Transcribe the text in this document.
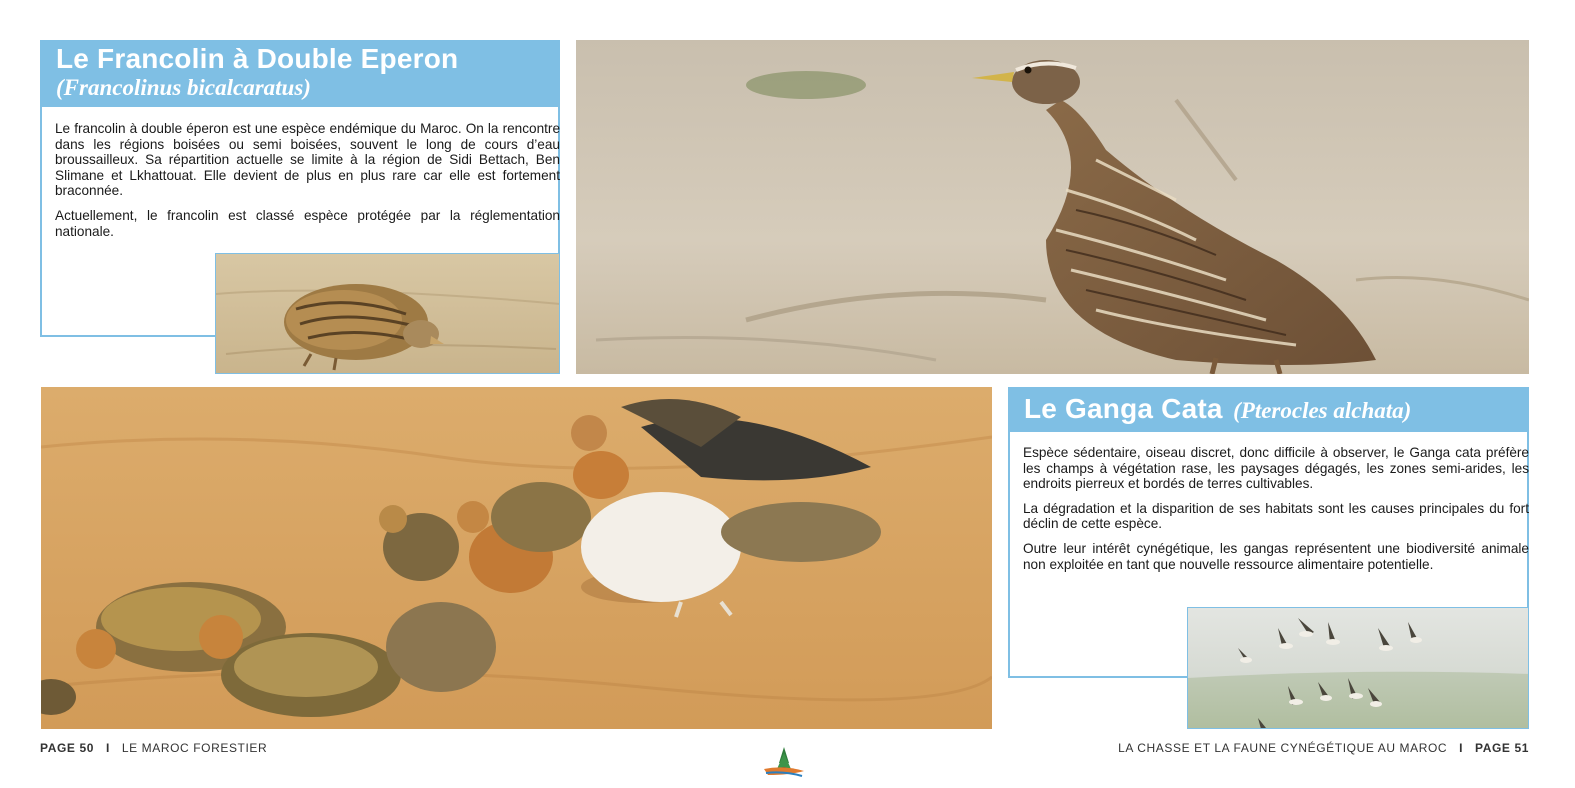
Le Francolin à Double Eperon
(Francolinus bicalcaratus)

Le francolin à double éperon est une espèce endémique du Maroc. On la rencontre dans les régions boisées ou semi boisées, souvent le long de cours d’eau broussailleux. Sa répartition actuelle se limite à la région de Sidi Bettach, Ben Slimane et Lkhattouat. Elle devient de plus en plus rare car elle est fortement braconnée.

Actuellement, le francolin est classé espèce protégée par la réglementation nationale.

Le Ganga Cata (Pterocles alchata)

Espèce sédentaire, oiseau discret, donc difficile à observer, le Ganga cata préfère les champs à végétation rase, les paysages dégagés, les zones semi-arides, les endroits pierreux et bordés de terres cultivables.

La dégradation et la disparition de ses habitats sont les causes principales du fort déclin de cette espèce.

Outre leur intérêt cynégétique, les gangas représentent une biodiversité animale non exploitée en tant que nouvelle ressource alimentaire potentielle.

PAGE 50 I LE MAROC FORESTIER	LA CHASSE ET LA FAUNE CYNÉGÉTIQUE AU MAROC I PAGE 51
